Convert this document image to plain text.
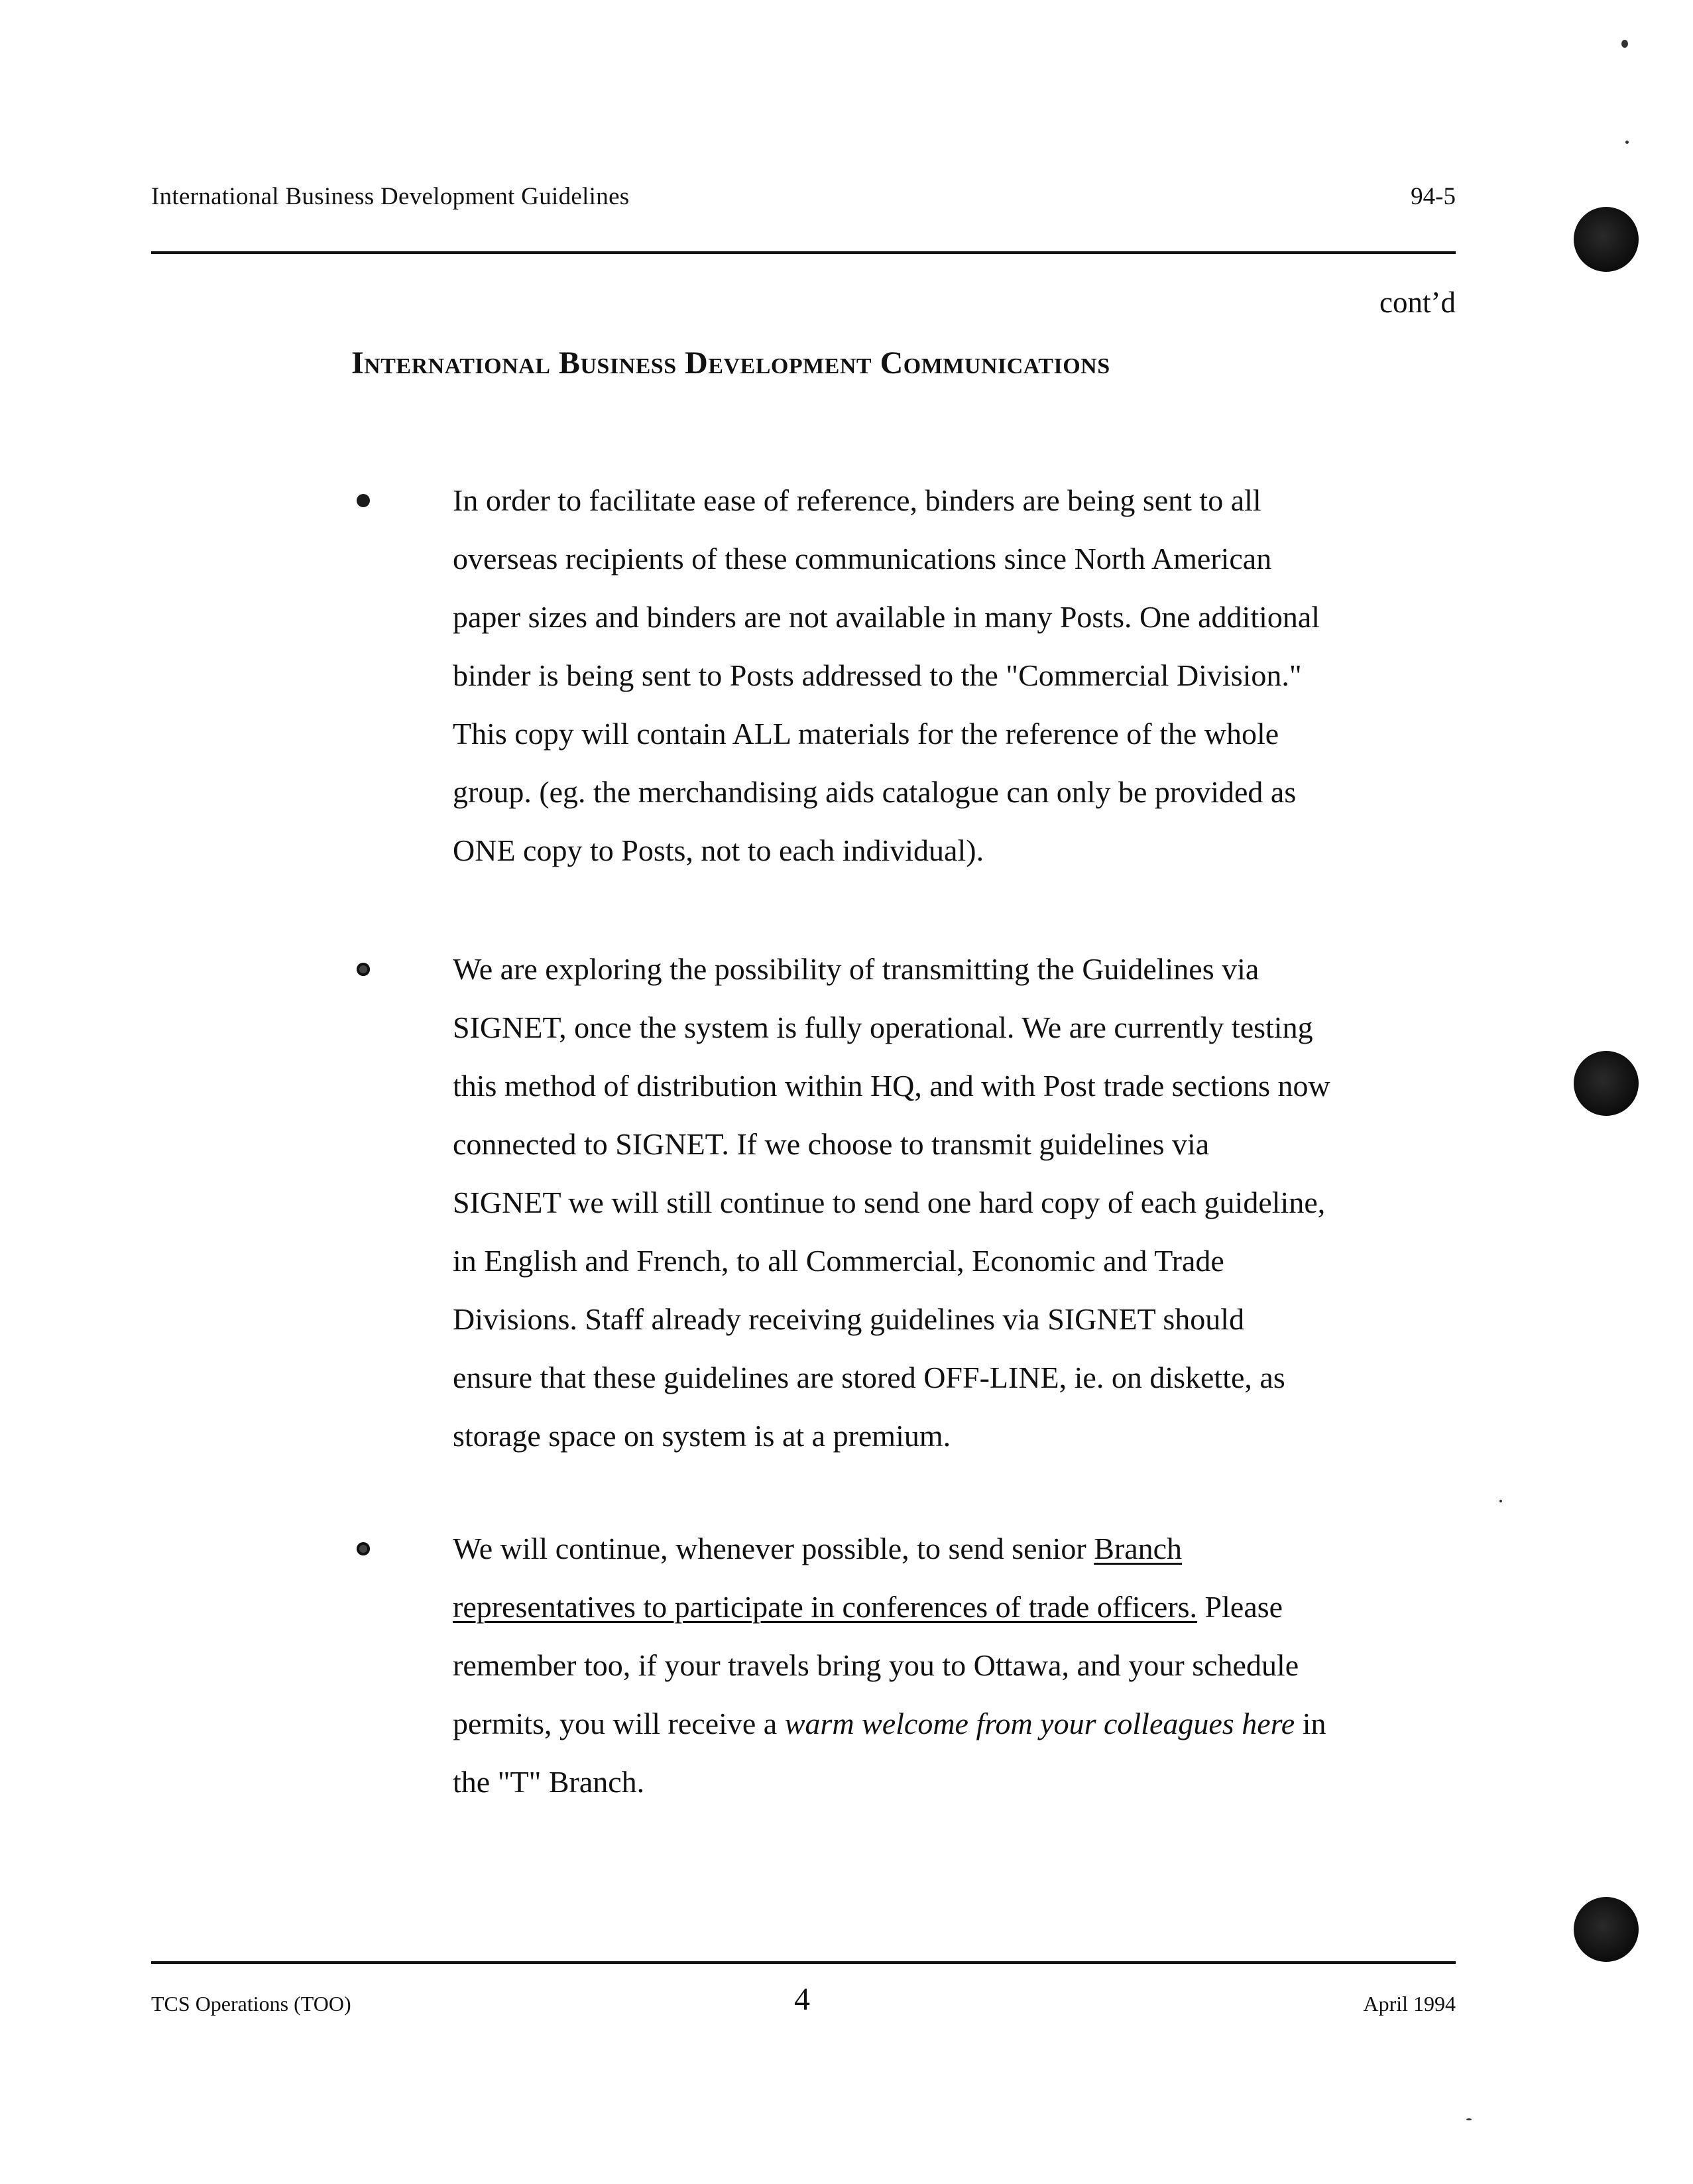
International Business Development Guidelines	94-5
cont’d
International Business Development Communications
In order to facilitate ease of reference, binders are being sent to all
overseas recipients of these communications since North American
paper sizes and binders are not available in many Posts. One additional
binder is being sent to Posts addressed to the "Commercial Division."
This copy will contain ALL materials for the reference of the whole
group. (eg. the merchandising aids catalogue can only be provided as
ONE copy to Posts, not to each individual).
We are exploring the possibility of transmitting the Guidelines via
SIGNET, once the system is fully operational. We are currently testing
this method of distribution within HQ, and with Post trade sections now
connected to SIGNET. If we choose to transmit guidelines via
SIGNET we will still continue to send one hard copy of each guideline,
in English and French, to all Commercial, Economic and Trade
Divisions. Staff already receiving guidelines via SIGNET should
ensure that these guidelines are stored OFF-LINE, ie. on diskette, as
storage space on system is at a premium.
We will continue, whenever possible, to send senior Branch
representatives to participate in conferences of trade officers. Please
remember too, if your travels bring you to Ottawa, and your schedule
permits, you will receive a warm welcome from your colleagues here in
the "T" Branch.
TCS Operations (TOO)	4	April 1994
